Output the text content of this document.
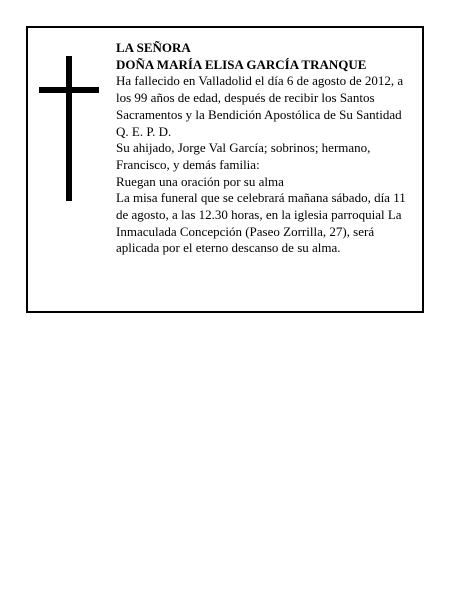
LA SEÑORA

DOÑA MARÍA ELISA GARCÍA TRANQUE

Ha fallecido en Valladolid el día 6 de agosto de 2012, a los 99 años de edad, después de recibir los Santos Sacramentos y la Bendición Apostólica de Su Santidad

Q. E. P. D.

Su ahijado, Jorge Val García; sobrinos; hermano, Francisco, y demás familia:

Ruegan una oración por su alma

La misa funeral que se celebrará mañana sábado, día 11 de agosto, a las 12.30 horas, en la iglesia parroquial La Inmaculada Concepción (Paseo Zorrilla, 27), será aplicada por el eterno descanso de su alma.
